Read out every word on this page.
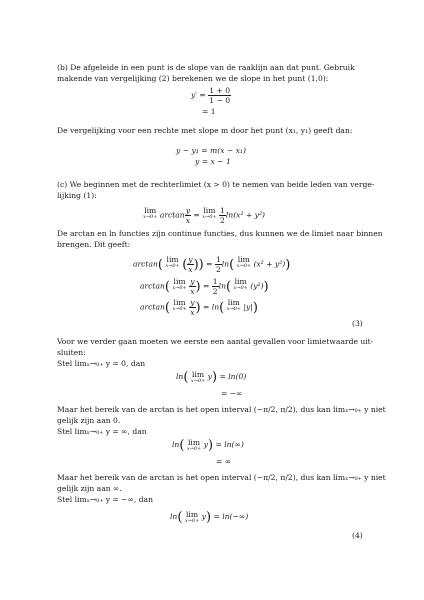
(b) De afgeleide in een punt is de slope van de raaklijn aan dat punt. Gebruik
makende van vergelijking (2) berekenen we de slope in het punt (1,0):
$y' = \frac{1 + 0}{1 - 0}$
= 1
De vergelijking voor een rechte met slope m door het punt (x₁, y₁) geeft dan:
y − y₁ = m(x − x₁)
y = x − 1
(c) We beginnen met de rechterlimiet (x > 0) te nemen van beide leden van verge-
lijking (1):
lim
$x\to 0+ \arctan \frac{y}{x} = \lim$
x→0+
$\frac{1}{2} \ln(x^2 + y^2)$
De arctan en ln functies zijn continue functies, dus kunnen we de limiet naar binnen
brengen. Dit geeft:
arctan( lim
x→0+ ( $\frac{y}{x}$ )) = $\frac{1}{2} \ln$( lim
x→0+ (x² + y²))
arctan( lim
x→0+
$\frac{y}{x}$ ) = $\frac{1}{2} \ln$( lim
x→0+ (y²))
arctan( lim
x→0+
$\frac{y}{x}$ ) = ln( lim
x→0+ |y|)
(3)
Voor we verder gaan moeten we eerste een aantal gevallen voor limietwaarde uit-
sluiten:
Stel limₓ→₀₊ y = 0, dan
ln( lim
x→0+ y) = ln(0)
= −∞
Maar het bereik van de arctan is het open interval (−π/2, π/2), dus kan limₓ→₀₊ y niet
gelijk zijn aan 0.
Stel limₓ→₀₊ y = ∞, dan
ln( lim
x→0+ y) = ln(∞)
= ∞
Maar het bereik van de arctan is het open interval (−π/2, π/2), dus kan limₓ→₀₊ y niet
gelijk zijn aan ∞.
Stel limₓ→₀₊ y = −∞, dan
ln( lim
x→0+ y) = ln(−∞)
(4)
